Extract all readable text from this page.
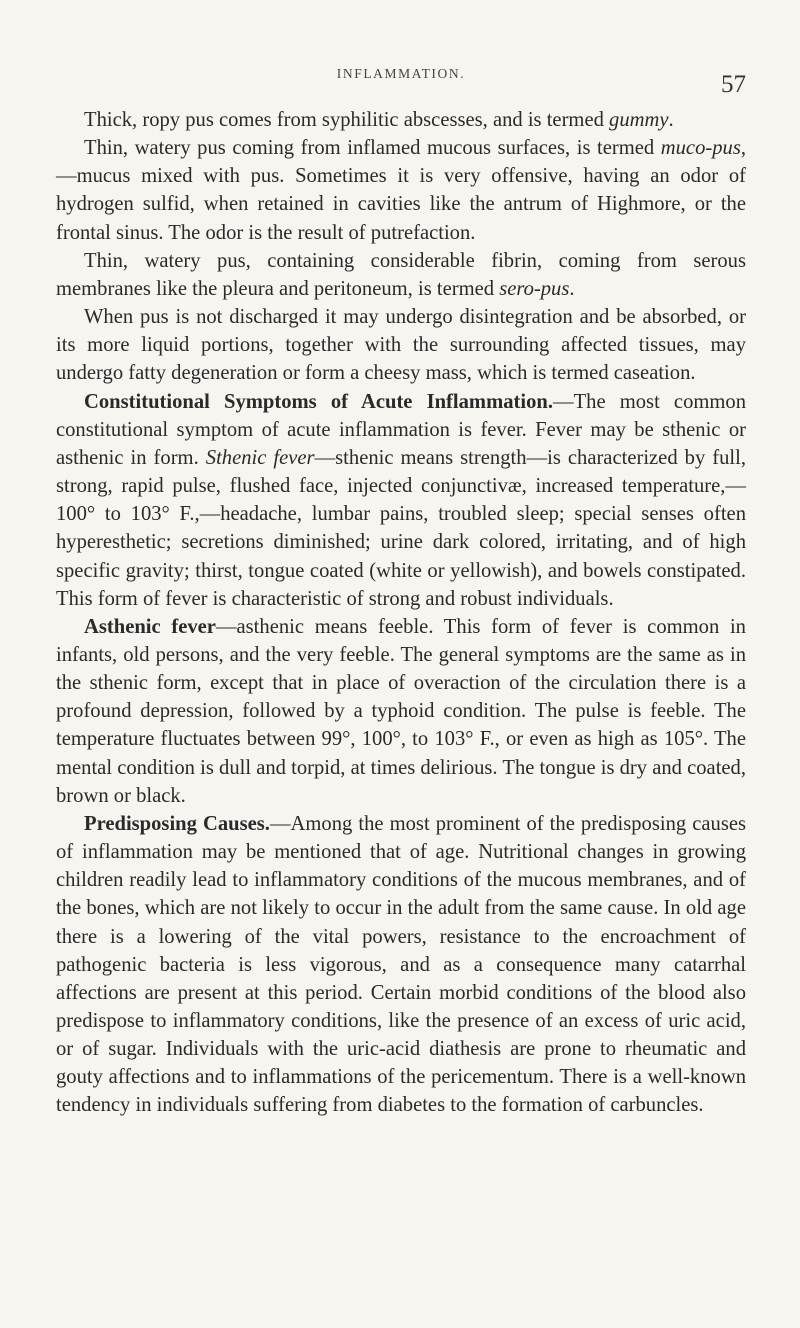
INFLAMMATION.	57

Thick, ropy pus comes from syphilitic abscesses, and is termed gummy.

Thin, watery pus coming from inflamed mucous surfaces, is termed muco-pus,—mucus mixed with pus. Sometimes it is very offensive, having an odor of hydrogen sulfid, when retained in cavities like the antrum of Highmore, or the frontal sinus. The odor is the result of putrefaction.

Thin, watery pus, containing considerable fibrin, coming from serous membranes like the pleura and peritoneum, is termed sero-pus.

When pus is not discharged it may undergo disintegration and be absorbed, or its more liquid portions, together with the surrounding affected tissues, may undergo fatty degeneration or form a cheesy mass, which is termed caseation.

Constitutional Symptoms of Acute Inflammation.—The most common constitutional symptom of acute inflammation is fever. Fever may be sthenic or asthenic in form. Sthenic fever—sthenic means strength—is characterized by full, strong, rapid pulse, flushed face, injected conjunctivæ, increased temperature,—100° to 103° F.,—headache, lumbar pains, troubled sleep; special senses often hyperesthetic; secretions diminished; urine dark colored, irritating, and of high specific gravity; thirst, tongue coated (white or yellowish), and bowels constipated. This form of fever is characteristic of strong and robust individuals.

Asthenic fever—asthenic means feeble. This form of fever is common in infants, old persons, and the very feeble. The general symptoms are the same as in the sthenic form, except that in place of overaction of the circulation there is a profound depression, followed by a typhoid condition. The pulse is feeble. The temperature fluctuates between 99°, 100°, to 103° F., or even as high as 105°. The mental condition is dull and torpid, at times delirious. The tongue is dry and coated, brown or black.

Predisposing Causes.—Among the most prominent of the predisposing causes of inflammation may be mentioned that of age. Nutritional changes in growing children readily lead to inflammatory conditions of the mucous membranes, and of the bones, which are not likely to occur in the adult from the same cause. In old age there is a lowering of the vital powers, resistance to the encroachment of pathogenic bacteria is less vigorous, and as a consequence many catarrhal affections are present at this period. Certain morbid conditions of the blood also predispose to inflammatory conditions, like the presence of an excess of uric acid, or of sugar. Individuals with the uric-acid diathesis are prone to rheumatic and gouty affections and to inflammations of the pericementum. There is a well-known tendency in individuals suffering from diabetes to the formation of carbuncles.
